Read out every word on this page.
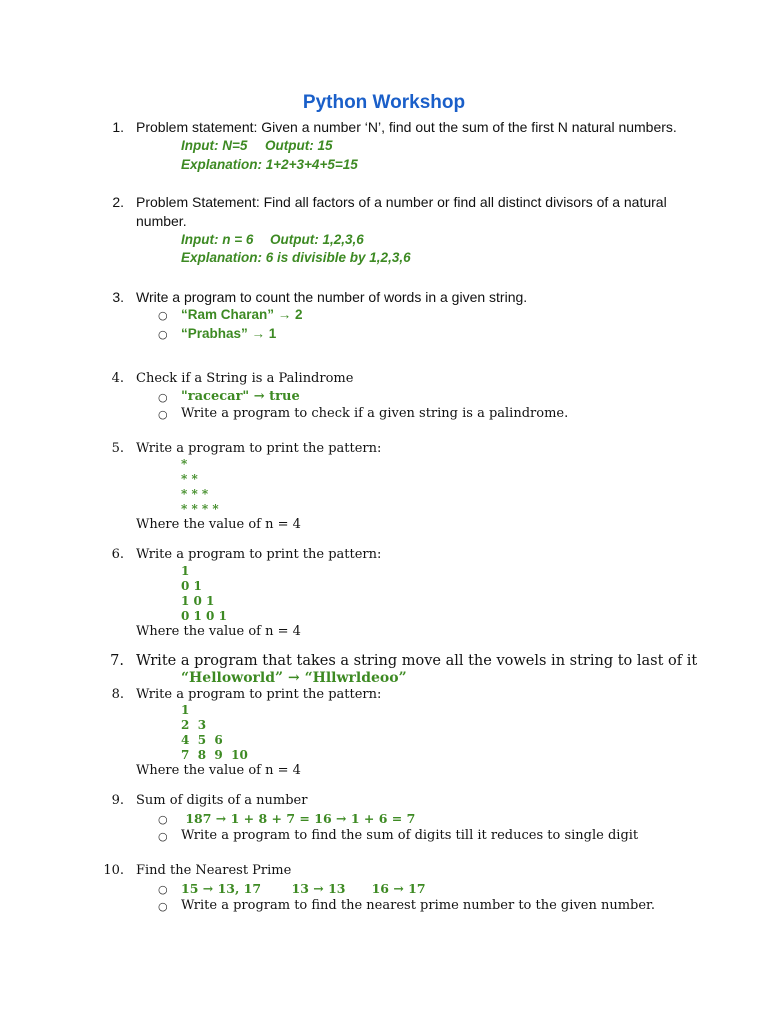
Python Workshop
1. Problem statement: Given a number ‘N’, find out the sum of the first N natural numbers.
Input: N=5 Output: 15
Explanation: 1+2+3+4+5=15
2. Problem Statement: Find all factors of a number or find all distinct divisors of a natural
number.
Input: n = 6 Output: 1,2,3,6
Explanation: 6 is divisible by 1,2,3,6
3. Write a program to count the number of words in a given string.
○ “Ram Charan” → 2
○ “Prabhas” → 1
4. Check if a String is a Palindrome
○ "racecar" → true
○ Write a program to check if a given string is a palindrome.
5. Write a program to print the pattern:
*
* *
* * *
* * * *
Where the value of n = 4
6. Write a program to print the pattern:
1
0 1
1 0 1
0 1 0 1
Where the value of n = 4
7. Write a program that takes a string move all the vowels in string to last of it
“Helloworld” → “Hllwrldeoo”
8. Write a program to print the pattern:
1
2  3
4  5  6
7  8  9  10
Where the value of n = 4
9. Sum of digits of a number
○ 187 → 1 + 8 + 7 = 16 → 1 + 6 = 7
○ Write a program to find the sum of digits till it reduces to single digit
10. Find the Nearest Prime
○ 15 → 13, 17       13 → 13      16 → 17
○ Write a program to find the nearest prime number to the given number.
